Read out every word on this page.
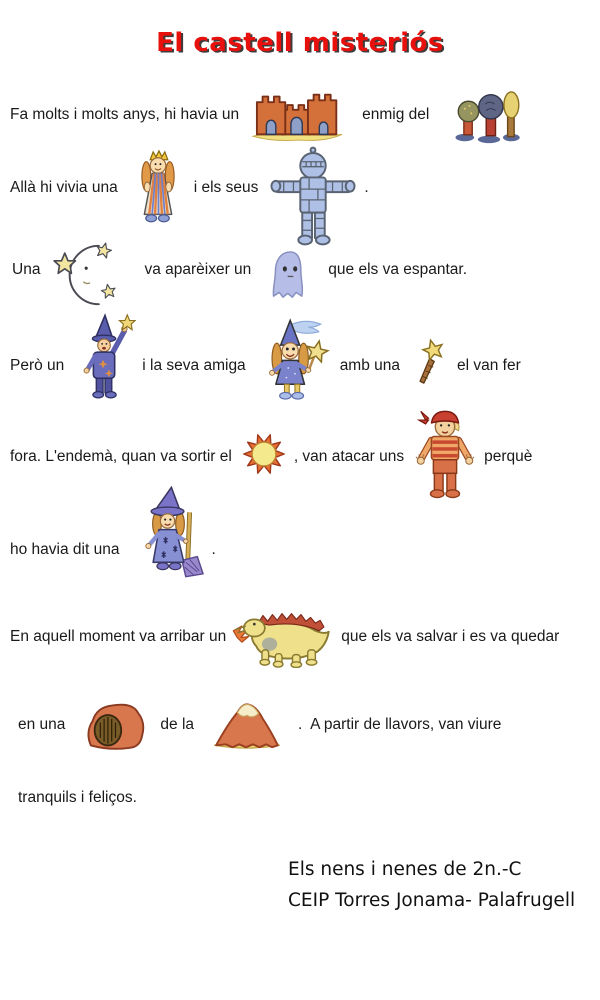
El castell misteriós
Fa molts i molts anys, hi havia un	enmig del
Allà hi vivia una	i els seus	.
Una	va aparèixer un	que els va espantar.
Però un	i la seva amiga	amb una	el van fer
fora. L'endemà, quan va sortir el	, van atacar uns	perquè
ho havia dit una	.
En aquell moment va arribar un	que els va salvar i es va quedar
en una	de la	.  A partir de llavors, van viure
tranquils i feliços.
Els nens i nenes de 2n.-C
CEIP Torres Jonama- Palafrugell
